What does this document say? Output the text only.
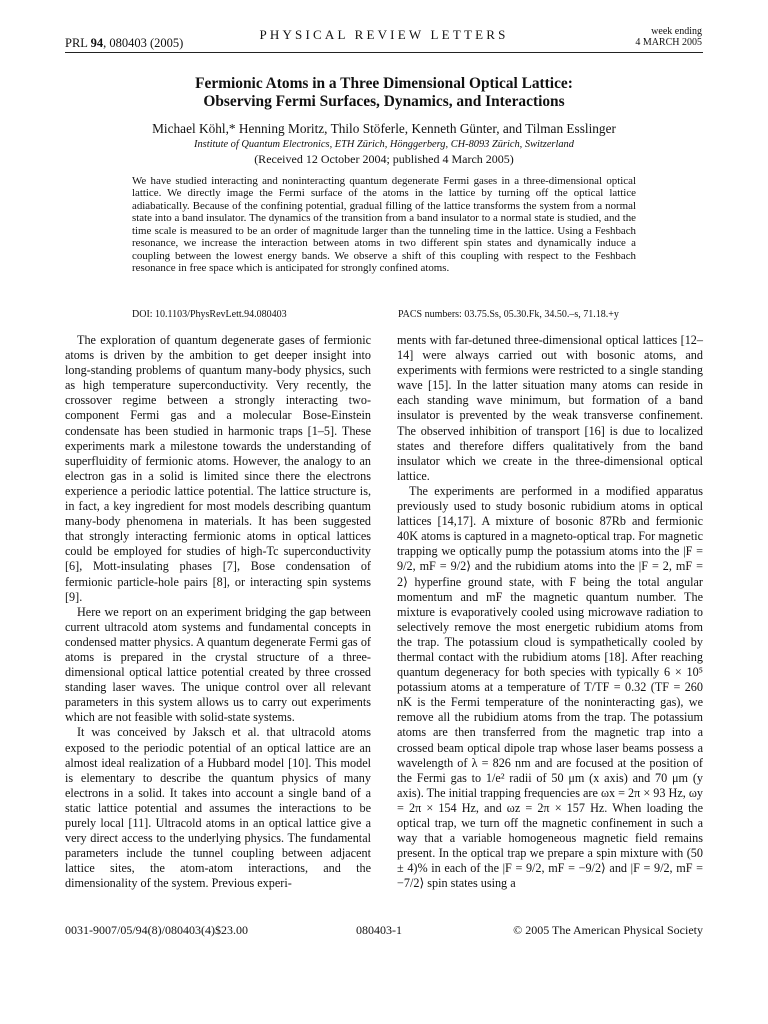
PRL 94, 080403 (2005)
PHYSICAL REVIEW LETTERS	week ending
4 MARCH 2005
Fermionic Atoms in a Three Dimensional Optical Lattice:
Observing Fermi Surfaces, Dynamics, and Interactions
Michael Köhl,* Henning Moritz, Thilo Stöferle, Kenneth Günter, and Tilman Esslinger
Institute of Quantum Electronics, ETH Zürich, Hönggerberg, CH-8093 Zürich, Switzerland
(Received 12 October 2004; published 4 March 2005)

We have studied interacting and noninteracting quantum degenerate Fermi gases in a three-dimensional optical lattice. We directly image the Fermi surface of the atoms in the lattice by turning off the optical lattice adiabatically. Because of the confining potential, gradual filling of the lattice transforms the system from a normal state into a band insulator. The dynamics of the transition from a band insulator to a normal state is studied, and the time scale is measured to be an order of magnitude larger than the tunneling time in the lattice. Using a Feshbach resonance, we increase the interaction between atoms in two different spin states and dynamically induce a coupling between the lowest energy bands. We observe a shift of this coupling with respect to the Feshbach resonance in free space which is anticipated for strongly confined atoms.

DOI: 10.1103/PhysRevLett.94.080403	PACS numbers: 03.75.Ss, 05.30.Fk, 34.50.–s, 71.18.+y

The exploration of quantum degenerate gases of fermionic atoms is driven by the ambition to get deeper insight into long-standing problems of quantum many-body physics, such as high temperature superconductivity. Very recently, the crossover regime between a strongly interacting two-component Fermi gas and a molecular Bose-Einstein condensate has been studied in harmonic traps [1–5]. These experiments mark a milestone towards the understanding of superfluidity of fermionic atoms. However, the analogy to an electron gas in a solid is limited since there the electrons experience a periodic lattice potential. The lattice structure is, in fact, a key ingredient for most models describing quantum many-body phenomena in materials. It has been suggested that strongly interacting fermionic atoms in optical lattices could be employed for studies of high-Tc superconductivity [6], Mott-insulating phases [7], Bose condensation of fermionic particle-hole pairs [8], or interacting spin systems [9].

Here we report on an experiment bridging the gap between current ultracold atom systems and fundamental concepts in condensed matter physics. A quantum degenerate Fermi gas of atoms is prepared in the crystal structure of a three-dimensional optical lattice potential created by three crossed standing laser waves. The unique control over all relevant parameters in this system allows us to carry out experiments which are not feasible with solid-state systems.

It was conceived by Jaksch et al. that ultracold atoms exposed to the periodic potential of an optical lattice are an almost ideal realization of a Hubbard model [10]. This model is elementary to describe the quantum physics of many electrons in a solid. It takes into account a single band of a static lattice potential and assumes the interactions to be purely local [11]. Ultracold atoms in an optical lattice give a very direct access to the underlying physics. The fundamental parameters include the tunnel coupling between adjacent lattice sites, the atom-atom interactions, and the dimensionality of the system. Previous experi-

ments with far-detuned three-dimensional optical lattices [12–14] were always carried out with bosonic atoms, and experiments with fermions were restricted to a single standing wave [15]. In the latter situation many atoms can reside in each standing wave minimum, but formation of a band insulator is prevented by the weak transverse confinement. The observed inhibition of transport [16] is due to localized states and therefore differs qualitatively from the band insulator which we create in the three-dimensional optical lattice.

The experiments are performed in a modified apparatus previously used to study bosonic rubidium atoms in optical lattices [14,17]. A mixture of bosonic 87Rb and fermionic 40K atoms is captured in a magneto-optical trap. For magnetic trapping we optically pump the potassium atoms into the |F = 9/2, mF = 9/2⟩ and the rubidium atoms into the |F = 2, mF = 2⟩ hyperfine ground state, with F being the total angular momentum and mF the magnetic quantum number. The mixture is evaporatively cooled using microwave radiation to selectively remove the most energetic rubidium atoms from the trap. The potassium cloud is sympathetically cooled by thermal contact with the rubidium atoms [18]. After reaching quantum degeneracy for both species with typically 6 × 10⁵ potassium atoms at a temperature of T/TF = 0.32 (TF = 260 nK is the Fermi temperature of the noninteracting gas), we remove all the rubidium atoms from the trap. The potassium atoms are then transferred from the magnetic trap into a crossed beam optical dipole trap whose laser beams possess a wavelength of λ = 826 nm and are focused at the position of the Fermi gas to 1/e² radii of 50 μm (x axis) and 70 μm (y axis). The initial trapping frequencies are ωx = 2π × 93 Hz, ωy = 2π × 154 Hz, and ωz = 2π × 157 Hz. When loading the optical trap, we turn off the magnetic confinement in such a way that a variable homogeneous magnetic field remains present. In the optical trap we prepare a spin mixture with (50 ± 4)% in each of the |F = 9/2, mF = −9/2⟩ and |F = 9/2, mF = −7/2⟩ spin states using a

0031-9007/05/94(8)/080403(4)$23.00	080403-1	© 2005 The American Physical Society
